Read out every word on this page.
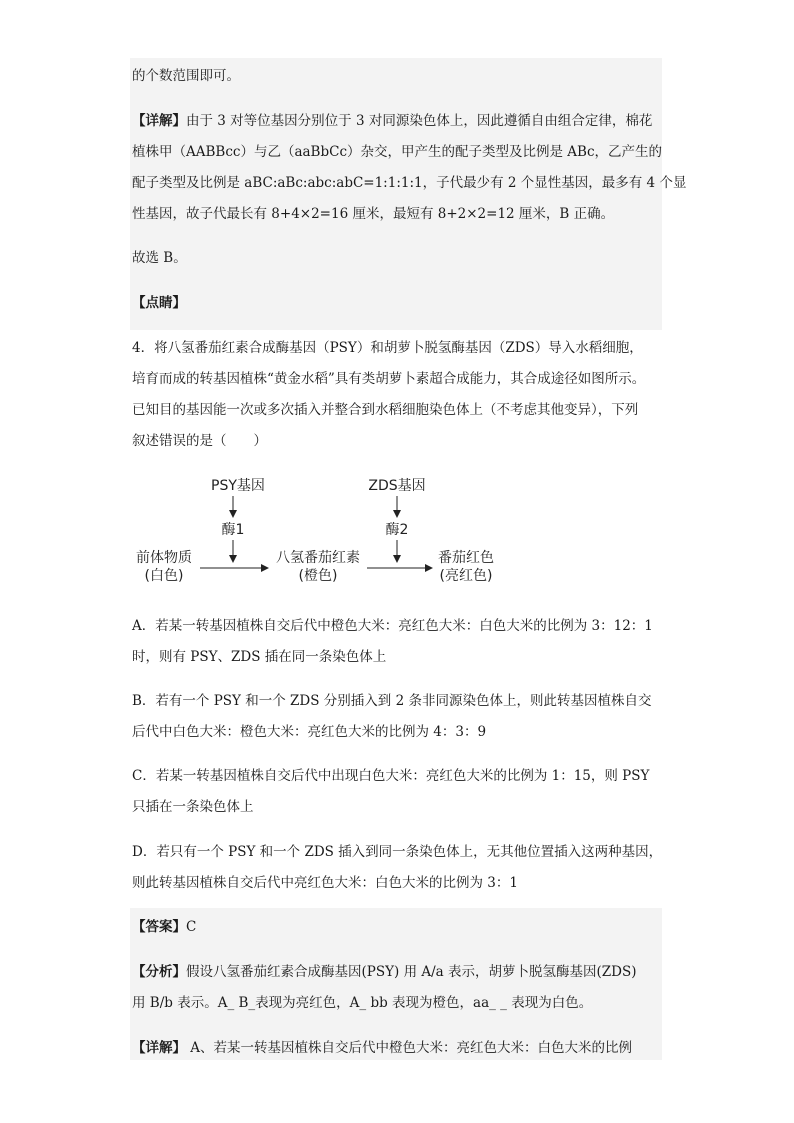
的个数范围即可。
【详解】由于 3 对等位基因分别位于 3 对同源染色体上，因此遵循自由组合定律，棉花
植株甲（AABBcc）与乙（aaBbCc）杂交，甲产生的配子类型及比例是 ABc，乙产生的
配子类型及比例是 aBC:aBc:abc:abC=1:1:1:1，子代最少有 2 个显性基因，最多有 4 个显
性基因，故子代最长有 8+4×2=16 厘米，最短有 8+2×2=12 厘米，B 正确。
故选 B。
【点睛】
4．将八氢番茄红素合成酶基因（PSY）和胡萝卜脱氢酶基因（ZDS）导入水稻细胞，
培育而成的转基因植株“黄金水稻”具有类胡萝卜素超合成能力，其合成途径如图所示。
已知目的基因能一次或多次插入并整合到水稻细胞染色体上（不考虑其他变异），下列
叙述错误的是（　　）
PSY基因
酶1
ZDS基因
酶2
前体物质
(白色)
八氢番茄红素
(橙色)
番茄红色
(亮红色)
A．若某一转基因植株自交后代中橙色大米：亮红色大米：白色大米的比例为 3：12：1
时，则有 PSY、ZDS 插在同一条染色体上
B．若有一个 PSY 和一个 ZDS 分别插入到 2 条非同源染色体上，则此转基因植株自交
后代中白色大米：橙色大米：亮红色大米的比例为 4：3：9
C．若某一转基因植株自交后代中出现白色大米：亮红色大米的比例为 1：15，则 PSY
只插在一条染色体上
D．若只有一个 PSY 和一个 ZDS 插入到同一条染色体上，无其他位置插入这两种基因，
则此转基因植株自交后代中亮红色大米：白色大米的比例为 3：1
【答案】C
【分析】假设八氢番茄红素合成酶基因(PSY) 用 A/a 表示，胡萝卜脱氢酶基因(ZDS)
用 B/b 表示。A_ B_表现为亮红色，A_ bb 表现为橙色，aa_ _ 表现为白色。
【详解】 A、若某一转基因植株自交后代中橙色大米：亮红色大米：白色大米的比例
